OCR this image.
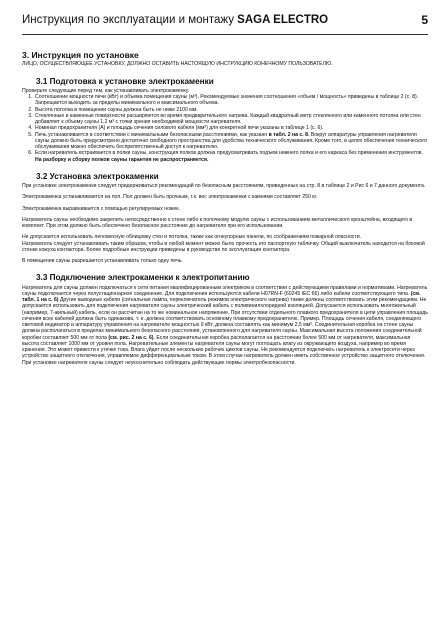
Инструкция по эксплуатации и монтажу SAGA ELECTRO	5
3. Инструкция по установке

ЛИЦО, ОСУЩЕСТВЛЯЮЩЕЕ УСТАНОВКУ, ДОЛЖНО ОСТАВИТЬ НАСТОЯЩУЮ ИНСТРУКЦИЮ КОНЕЧНОМУ ПОЛЬЗОВАТЕЛЮ.

3.1 Подготовка к установке электрокаменки

Проверьте следующие перед тем, как устанавливать электрокаменку.

1. Соотношение мощности печи (кВт) и объема помещения сауны (м³). Рекомендуемые значения соотношения «объем / мощность» приведены в таблице 2 (с. 8). Запрещается выходить за пределы минимального и максимального объема.
2. Высота потолка в помещении сауны должна быть не ниже 2100 мм.
3. Стеклянные и каменные поверхности расширяются во время предварительного нагрева. Каждый квадратный метр стеклянного или каменного потолка или стен добавляет к объему сауны 1,2 м³ с точки зрения необходимой мощности нагревателя.
4. Номинал предохранителя (А) и площадь сечения силового кабеля (мм²) для конкретной печи указаны в таблице 1 (с. 6).
5. Печь устанавливается в соответствии с минимальными безопасными расстояниями, как указано в табл. 2 на с. 8. Вокруг аппаратуры управления нагревателя сауны должно быть предусмотрено достаточно свободного пространства для удобства технического обслуживания. Кроме того, в целях обеспечения технического обслуживания можно обеспечить беспрепятственный доступ к нагревателю.
6. Если нагреватель встраивается в полки сауны, конструкция полков должна предусматривать подъем нижнего полка и его каркаса без применения инструментов. На разборку и сборку полков сауны гарантия не распространяется.
3.2 Установка электрокаменки

При установке электрокаменки следует придерживаться рекомендаций по безопасным расстояниям, приведенных на стр. 8 в таблице 2 и Рис 6 и 7 данного документа.

Электрокаменка устанавливается на пол. Пол должен быть прочным, т.к. вес электрокаменки с камнями составляет 250 кг.

Электрокаменка выравнивается с помощью регулируемых ножек.

Нагреватель сауны необходимо закрепить непосредственно к стене либо к полочному модулю сауны с использованием металлического кронштейна, входящего в комплект. При этом должно быть обеспечено безопасное расстояние до нагревателя при его использовании.

Не допускается использовать легковесную облицовку стен и потолка, также как огнеупорные панели, по соображениям пожарной опасности.

Нагреватель следует устанавливать таким образом, чтобы в любой момент можно было прочесть его паспортную табличку. Общий выключатель находится на боковой стенке кожуха контактора. Более подробные инструкции приведены в руководстве по эксплуатации контактора.

В помещении сауны разрешается устанавливать только одну печь.

3.3 Подключение электрокаменки к электропитанию

Нагреватель для сауны должен подключаться к сети питания квалифицированным электриком в соответствии с действующими правилами и нормативами. Нагреватель сауны подключается через полустационарное соединение. Для подключения используются кабели H07RN-F (60245 IEC 66) либо кабели соответствующего типа. (см. табл. 1 на с. 6) Другие выводные кабели (сигнальная лампа, переключатель режимов электрического нагрева) также должны соответствовать этим рекомендациям. Не допускается использовать для подключения нагревателя сауны электрический кабель с поливинилхлоридной изоляцией. Допускается использовать многожильный (например, 7-жильный) кабель, если он рассчитан на то же номинальное напряжение. При отсутствии отдельного плавкого предохранителя в цепи управления площадь сечения всех кабелей должна быть одинакова, т. е. должна соответствовать основному плавкому предохранителю. Пример. Площадь сечения кабеля, соединяющего световой индикатор и аппаратуру управления на нагревателе мощностью 9 кВт, должна составлять как минимум 2,5 мм². Соединительная коробка на стене сауны должна располагаться в пределах минимального безопасного расстояния, установленного для нагревателя сауны. Максимальная высота положения соединительной коробки составляет 500 мм от пола (см. рис. 2 на с. 6). Если соединительная коробка располагается на расстоянии более 500 мм от нагревателя, максимальная высота составляет 1000 мм от уровня пола. Нагревательные элементы нагревателя сауны могут поглощать влагу из окружающего воздуха, например во время хранения. Это может привести к утечке тока. Влага уйдет после нескольких рабочих циклов сауны. Не рекомендуется подключать нагреватель к электросети через устройство защитного отключения, управляемое дифференциальным током. В этом случае нагреватель должен иметь собственное устройство защитного отключения. При установке нагревателя сауны следует неукоснительно соблюдать действующие нормы электробезопасности.
